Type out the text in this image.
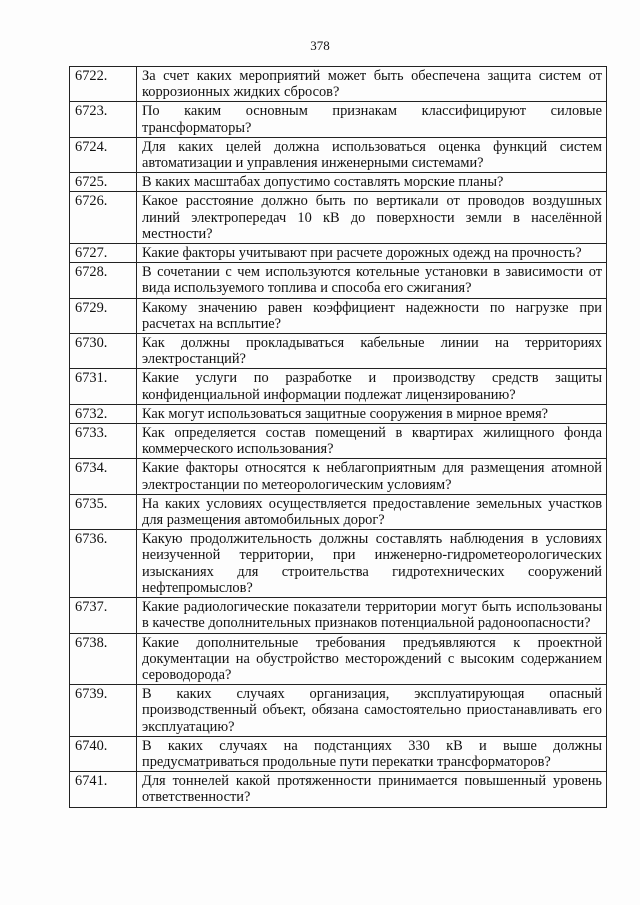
378
6722.	За счет каких мероприятий может быть обеспечена защита систем от коррозионных жидких сбросов?
6723.	По каким основным признакам классифицируют силовые трансформаторы?
6724.	Для каких целей должна использоваться оценка функций систем автоматизации и управления инженерными системами?
6725.	В каких масштабах допустимо составлять морские планы?
6726.	Какое расстояние должно быть по вертикали от проводов воздушных линий электропередач 10 кВ до поверхности земли в населённой местности?
6727.	Какие факторы учитывают при расчете дорожных одежд на прочность?
6728.	В сочетании с чем используются котельные установки в зависимости от вида используемого топлива и способа его сжигания?
6729.	Какому значению равен коэффициент надежности по нагрузке при расчетах на всплытие?
6730.	Как должны прокладываться кабельные линии на территориях электростанций?
6731.	Какие услуги по разработке и производству средств защиты конфиденциальной информации подлежат лицензированию?
6732.	Как могут использоваться защитные сооружения в мирное время?
6733.	Как определяется состав помещений в квартирах жилищного фонда коммерческого использования?
6734.	Какие факторы относятся к неблагоприятным для размещения атомной электростанции по метеорологическим условиям?
6735.	На каких условиях осуществляется предоставление земельных участков для размещения автомобильных дорог?
6736.	Какую продолжительность должны составлять наблюдения в условиях неизученной территории, при инженерно-гидрометеорологических изысканиях для строительства гидротехнических сооружений нефтепромыслов?
6737.	Какие радиологические показатели территории могут быть использованы в качестве дополнительных признаков потенциальной радоноопасности?
6738.	Какие дополнительные требования предъявляются к проектной документации на обустройство месторождений с высоким содержанием сероводорода?
6739.	В каких случаях организация, эксплуатирующая опасный производственный объект, обязана самостоятельно приостанавливать его эксплуатацию?
6740.	В каких случаях на подстанциях 330 кВ и выше должны предусматриваться продольные пути перекатки трансформаторов?
6741.	Для тоннелей какой протяженности принимается повышенный уровень ответственности?
